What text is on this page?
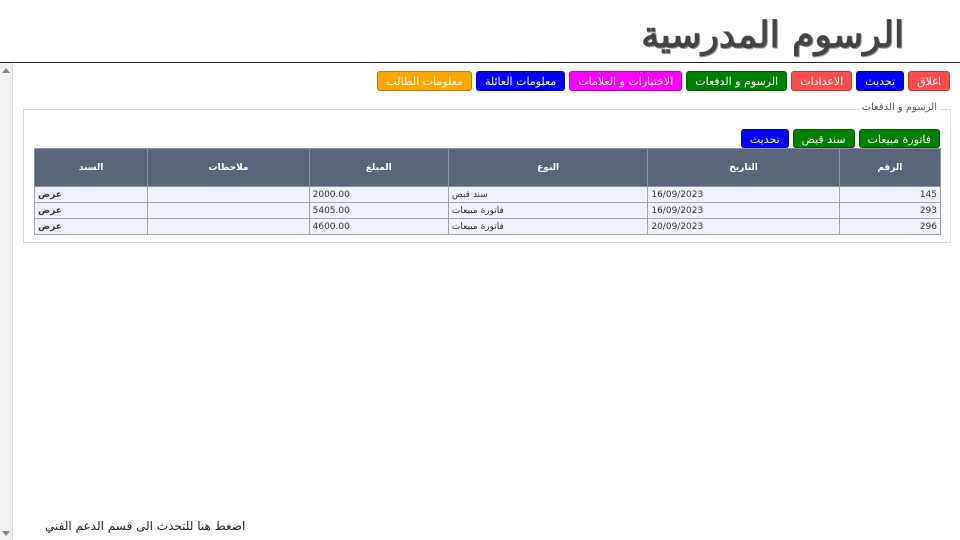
الرسوم المدرسية
معلومات الطالب	معلومات العائلة	الاختبارات و العلامات	الرسوم و الدفعات	الاعدادات	تحديث	اغلاق
الرسوم و الدفعات
فاتورة مبيعات
سند قبض
تحديث
الرقم	التاريخ	النوع	المبلغ	ملاحظات	السند
145	16/09/2023	سند قبض	2000.00		عرض
293	16/09/2023	فاتورة مبيعات	5405.00		عرض
296	20/09/2023	فاتورة مبيعات	4600.00		عرض
اضغط هنا للتحدث الى قسم الدعم الفني
